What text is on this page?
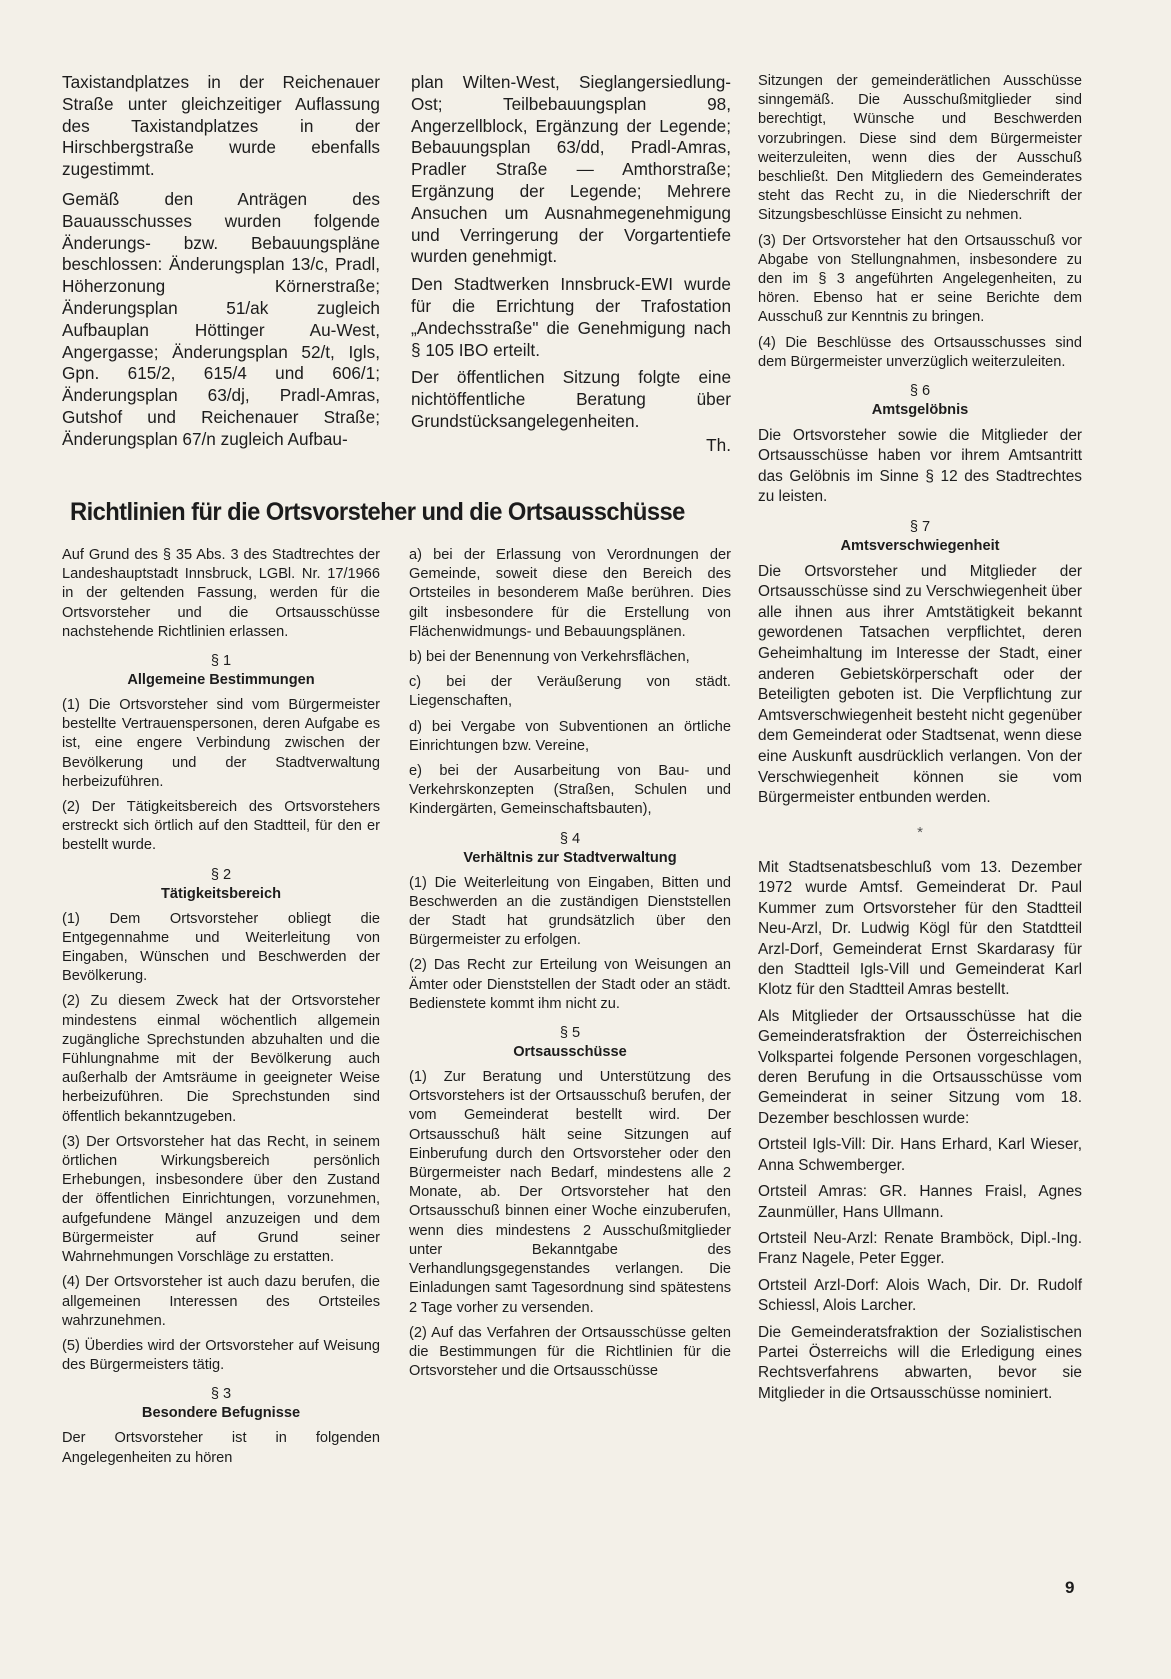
Taxistandplatzes in der Reichenauer Straße unter gleichzeitiger Auflassung des Taxistandplatzes in der Hirschbergstraße wurde ebenfalls zugestimmt.

Gemäß den Anträgen des Bauausschusses wurden folgende Änderungs- bzw. Bebauungspläne beschlossen: Änderungsplan 13/c, Pradl, Höherzonung Körnerstraße; Änderungsplan 51/ak zugleich Aufbauplan Höttinger Au-West, Angergasse; Änderungsplan 52/t, Igls, Gpn. 615/2, 615/4 und 606/1; Änderungsplan 63/dj, Pradl-Amras, Gutshof und Reichenauer Straße; Änderungsplan 67/n zugleich Aufbau-

plan Wilten-West, Sieglangersiedlung-Ost; Teilbebauungsplan 98, Angerzellblock, Ergänzung der Legende; Bebauungsplan 63/dd, Pradl-Amras, Pradler Straße — Amthorstraße; Ergänzung der Legende; Mehrere Ansuchen um Ausnahmegenehmigung und Verringerung der Vorgartentiefe wurden genehmigt.

Den Stadtwerken Innsbruck-EWI wurde für die Errichtung der Trafostation „Andechsstraße" die Genehmigung nach § 105 IBO erteilt.

Der öffentlichen Sitzung folgte eine nichtöffentliche Beratung über Grundstücksangelegenheiten.

Th.

Richtlinien für die Ortsvorsteher und die Ortsausschüsse

Auf Grund des § 35 Abs. 3 des Stadtrechtes der Landeshauptstadt Innsbruck, LGBl. Nr. 17/1966 in der geltenden Fassung, werden für die Ortsvorsteher und die Ortsausschüsse nachstehende Richtlinien erlassen.

§ 1
Allgemeine Bestimmungen

(1) Die Ortsvorsteher sind vom Bürgermeister bestellte Vertrauenspersonen, deren Aufgabe es ist, eine engere Verbindung zwischen der Bevölkerung und der Stadtverwaltung herbeizuführen.

(2) Der Tätigkeitsbereich des Ortsvorstehers erstreckt sich örtlich auf den Stadtteil, für den er bestellt wurde.

§ 2
Tätigkeitsbereich

(1) Dem Ortsvorsteher obliegt die Entgegennahme und Weiterleitung von Eingaben, Wünschen und Beschwerden der Bevölkerung.

(2) Zu diesem Zweck hat der Ortsvorsteher mindestens einmal wöchentlich allgemein zugängliche Sprechstunden abzuhalten und die Fühlungnahme mit der Bevölkerung auch außerhalb der Amtsräume in geeigneter Weise herbeizuführen. Die Sprechstunden sind öffentlich bekanntzugeben.

(3) Der Ortsvorsteher hat das Recht, in seinem örtlichen Wirkungsbereich persönlich Erhebungen, insbesondere über den Zustand der öffentlichen Einrichtungen, vorzunehmen, aufgefundene Mängel anzuzeigen und dem Bürgermeister auf Grund seiner Wahrnehmungen Vorschläge zu erstatten.

(4) Der Ortsvorsteher ist auch dazu berufen, die allgemeinen Interessen des Ortsteiles wahrzunehmen.

(5) Überdies wird der Ortsvorsteher auf Weisung des Bürgermeisters tätig.

§ 3
Besondere Befugnisse

Der Ortsvorsteher ist in folgenden Angelegenheiten zu hören

a) bei der Erlassung von Verordnungen der Gemeinde, soweit diese den Bereich des Ortsteiles in besonderem Maße berühren. Dies gilt insbesondere für die Erstellung von Flächenwidmungs- und Bebauungsplänen.

b) bei der Benennung von Verkehrsflächen,

c) bei der Veräußerung von städt. Liegenschaften,

d) bei Vergabe von Subventionen an örtliche Einrichtungen bzw. Vereine,

e) bei der Ausarbeitung von Bau- und Verkehrskonzepten (Straßen, Schulen und Kindergärten, Gemeinschaftsbauten),

§ 4
Verhältnis zur Stadtverwaltung

(1) Die Weiterleitung von Eingaben, Bitten und Beschwerden an die zuständigen Dienststellen der Stadt hat grundsätzlich über den Bürgermeister zu erfolgen.

(2) Das Recht zur Erteilung von Weisungen an Ämter oder Dienststellen der Stadt oder an städt. Bedienstete kommt ihm nicht zu.

§ 5
Ortsausschüsse

(1) Zur Beratung und Unterstützung des Ortsvorstehers ist der Ortsausschuß berufen, der vom Gemeinderat bestellt wird. Der Ortsausschuß hält seine Sitzungen auf Einberufung durch den Ortsvorsteher oder den Bürgermeister nach Bedarf, mindestens alle 2 Monate, ab. Der Ortsvorsteher hat den Ortsausschuß binnen einer Woche einzuberufen, wenn dies mindestens 2 Ausschußmitglieder unter Bekanntgabe des Verhandlungsgegenstandes verlangen. Die Einladungen samt Tagesordnung sind spätestens 2 Tage vorher zu versenden.

(2) Auf das Verfahren der Ortsausschüsse gelten die Bestimmungen für die Richtlinien für die Ortsvorsteher und die Ortsausschüsse

Sitzungen der gemeinderätlichen Ausschüsse sinngemäß. Die Ausschußmitglieder sind berechtigt, Wünsche und Beschwerden vorzubringen. Diese sind dem Bürgermeister weiterzuleiten, wenn dies der Ausschuß beschließt. Den Mitgliedern des Gemeinderates steht das Recht zu, in die Niederschrift der Sitzungsbeschlüsse Einsicht zu nehmen.

(3) Der Ortsvorsteher hat den Ortsausschuß vor Abgabe von Stellungnahmen, insbesondere zu den im § 3 angeführten Angelegenheiten, zu hören. Ebenso hat er seine Berichte dem Ausschuß zur Kenntnis zu bringen.

(4) Die Beschlüsse des Ortsausschusses sind dem Bürgermeister unverzüglich weiterzuleiten.

§ 6
Amtsgelöbnis

Die Ortsvorsteher sowie die Mitglieder der Ortsausschüsse haben vor ihrem Amtsantritt das Gelöbnis im Sinne § 12 des Stadtrechtes zu leisten.

§ 7
Amtsverschwiegenheit

Die Ortsvorsteher und Mitglieder der Ortsausschüsse sind zu Verschwiegenheit über alle ihnen aus ihrer Amtstätigkeit bekannt gewordenen Tatsachen verpflichtet, deren Geheimhaltung im Interesse der Stadt, einer anderen Gebietskörperschaft oder der Beteiligten geboten ist. Die Verpflichtung zur Amtsverschwiegenheit besteht nicht gegenüber dem Gemeinderat oder Stadtsenat, wenn diese eine Auskunft ausdrücklich verlangen. Von der Verschwiegenheit können sie vom Bürgermeister entbunden werden.

*

Mit Stadtsenatsbeschluß vom 13. Dezember 1972 wurde Amtsf. Gemeinderat Dr. Paul Kummer zum Ortsvorsteher für den Stadtteil Neu-Arzl, Dr. Ludwig Kögl für den Statdtteil Arzl-Dorf, Gemeinderat Ernst Skardarasy für den Stadtteil Igls-Vill und Gemeinderat Karl Klotz für den Stadtteil Amras bestellt.

Als Mitglieder der Ortsausschüsse hat die Gemeinderatsfraktion der Österreichischen Volkspartei folgende Personen vorgeschlagen, deren Berufung in die Ortsausschüsse vom Gemeinderat in seiner Sitzung vom 18. Dezember beschlossen wurde:

Ortsteil Igls-Vill: Dir. Hans Erhard, Karl Wieser, Anna Schwemberger.

Ortsteil Amras: GR. Hannes Fraisl, Agnes Zaunmüller, Hans Ullmann.

Ortsteil Neu-Arzl: Renate Bramböck, Dipl.-Ing. Franz Nagele, Peter Egger.

Ortsteil Arzl-Dorf: Alois Wach, Dir. Dr. Rudolf Schiessl, Alois Larcher.

Die Gemeinderatsfraktion der Sozialistischen Partei Österreichs will die Erledigung eines Rechtsverfahrens abwarten, bevor sie Mitglieder in die Ortsausschüsse nominiert.

9
